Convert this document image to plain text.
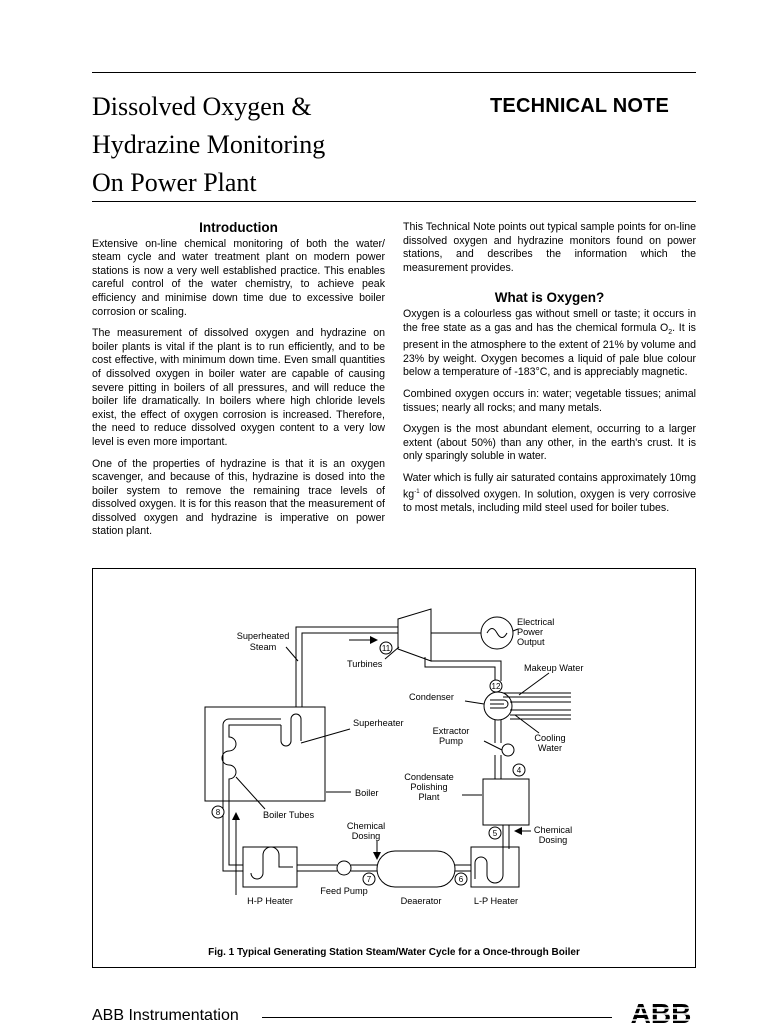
Dissolved Oxygen &
Hydrazine Monitoring
On Power Plant
TECHNICAL NOTE
Introduction

Extensive on-line chemical monitoring of both the water/ steam cycle and water treatment plant on modern power stations is now a very well established practice. This enables careful control of the water chemistry, to achieve peak efficiency and minimise down time due to excessive boiler corrosion or scaling.

The measurement of dissolved oxygen and hydrazine on boiler plants is vital if the plant is to run efficiently, and to be cost effective, with minimum down time. Even small quantities of dissolved oxygen in boiler water are capable of causing severe pitting in boilers of all pressures, and will reduce the boiler life dramatically. In boilers where high chloride levels exist, the effect of oxygen corrosion is increased. Therefore, the need to reduce dissolved oxygen content to a very low level is even more important.

One of the properties of hydrazine is that it is an oxygen scavenger, and because of this, hydrazine is dosed into the boiler system to remove the remaining trace levels of dissolved oxygen. It is for this reason that the measurement of dissolved oxygen and hydrazine is imperative on power station plant.

This Technical Note points out typical sample points for on-line dissolved oxygen and hydrazine monitors found on power stations, and describes the information which the measurement provides.

What is Oxygen?

Oxygen is a colourless gas without smell or taste; it occurs in the free state as a gas and has the chemical formula $O_2$. It is present in the atmosphere to the extent of 21% by volume and 23% by weight. Oxygen becomes a liquid of pale blue colour below a temperature of -183°C, and is appreciably magnetic.

Combined oxygen occurs in: water; vegetable tissues; animal tissues; nearly all rocks; and many metals.

Oxygen is the most abundant element, occurring to a larger extent (about 50%) than any other, in the earth's crust. It is only sparingly soluble in water.

Water which is fully air saturated contains approximately 10mg $kg^{-1}$ of dissolved oxygen. In solution, oxygen is very corrosive to most metals, including mild steel used for boiler tubes.

Superheated
Steam
Turbines
Electrical
Power
Output
Makeup Water
Condenser
Extractor
Pump	Cooling
Water
Superheater
Condensate
Polishing
Plant
Boiler
Boiler Tubes
Chemical
Dosing
Chemical
Dosing
Feed Pump
H-P Heater	Deaerator	L-P Heater
11
12
4
5
6
7
8
Fig. 1 Typical Generating Station Steam/Water Cycle for a Once-through Boiler
ABB Instrumentation	ABB
